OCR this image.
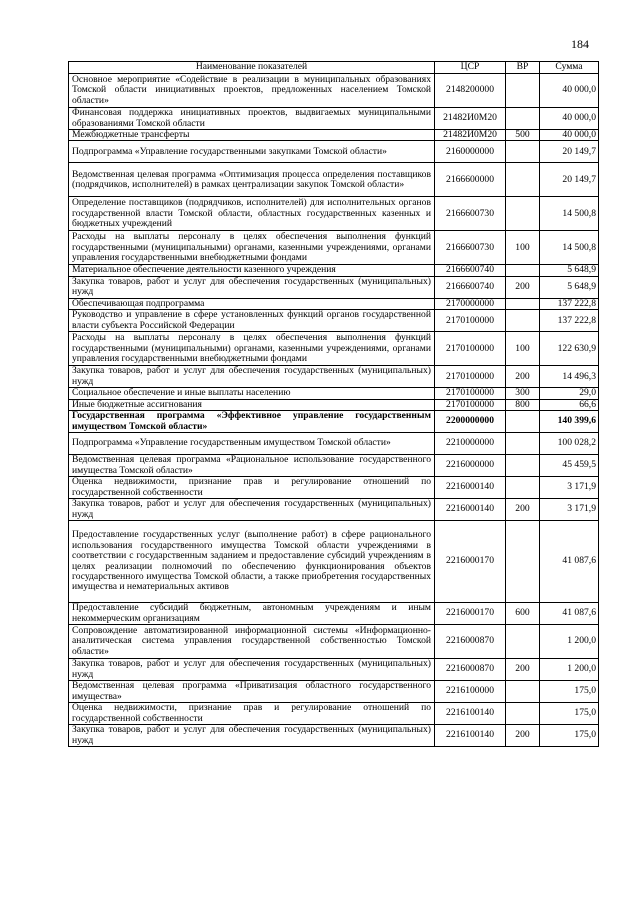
184
Наименование показателей	ЦСР	ВР	Сумма
Основное мероприятие «Содействие в реализации в муниципальных образованиях Томской области инициативных проектов, предложенных населением Томской области»	2148200000		40 000,0
Финансовая поддержка инициативных проектов, выдвигаемых муниципальными образованиями Томской области	21482И0М20		40 000,0
Межбюджетные трансферты	21482И0М20	500	40 000,0
Подпрограмма «Управление государственными закупками Томской области»	2160000000		20 149,7
Ведомственная целевая программа «Оптимизация процесса определения поставщиков (подрядчиков, исполнителей) в рамках централизации закупок Томской области»	2166600000		20 149,7
Определение поставщиков (подрядчиков, исполнителей) для исполнительных органов государственной власти Томской области, областных государственных казенных и бюджетных учреждений	2166600730		14 500,8
Расходы на выплаты персоналу в целях обеспечения выполнения функций государственными (муниципальными) органами, казенными учреждениями, органами управления государственными внебюджетными фондами	2166600730	100	14 500,8
Материальное обеспечение деятельности казенного учреждения	2166600740		5 648,9
Закупка товаров, работ и услуг для обеспечения государственных (муниципальных) нужд	2166600740	200	5 648,9
Обеспечивающая подпрограмма	2170000000		137 222,8
Руководство и управление в сфере установленных функций органов государственной власти субъекта Российской Федерации	2170100000		137 222,8
Расходы на выплаты персоналу в целях обеспечения выполнения функций государственными (муниципальными) органами, казенными учреждениями, органами управления государственными внебюджетными фондами	2170100000	100	122 630,9
Закупка товаров, работ и услуг для обеспечения государственных (муниципальных) нужд	2170100000	200	14 496,3
Социальное обеспечение и иные выплаты населению	2170100000	300	29,0
Иные бюджетные ассигнования	2170100000	800	66,6
Государственная программа «Эффективное управление государственным имуществом Томской области»	2200000000		140 399,6
Подпрограмма «Управление государственным имуществом Томской области»	2210000000		100 028,2
Ведомственная целевая программа «Рациональное использование государственного имущества Томской области»	2216000000		45 459,5
Оценка недвижимости, признание прав и регулирование отношений по государственной собственности	2216000140		3 171,9
Закупка товаров, работ и услуг для обеспечения государственных (муниципальных) нужд	2216000140	200	3 171,9
Предоставление государственных услуг (выполнение работ) в сфере рационального использования государственного имущества Томской области учреждениями в соответствии с государственным заданием и предоставление субсидий учреждениям в целях реализации полномочий по обеспечению функционирования объектов государственного имущества Томской области, а также приобретения государственных имущества и нематериальных активов	2216000170		41 087,6
Предоставление субсидий бюджетным, автономным учреждениям и иным некоммерческим организациям	2216000170	600	41 087,6
Сопровождение автоматизированной информационной системы «Информационно-аналитическая система управления государственной собственностью Томской области»	2216000870		1 200,0
Закупка товаров, работ и услуг для обеспечения государственных (муниципальных) нужд	2216000870	200	1 200,0
Ведомственная целевая программа «Приватизация областного государственного имущества»	2216100000		175,0
Оценка недвижимости, признание прав и регулирование отношений по государственной собственности	2216100140		175,0
Закупка товаров, работ и услуг для обеспечения государственных (муниципальных) нужд	2216100140	200	175,0
